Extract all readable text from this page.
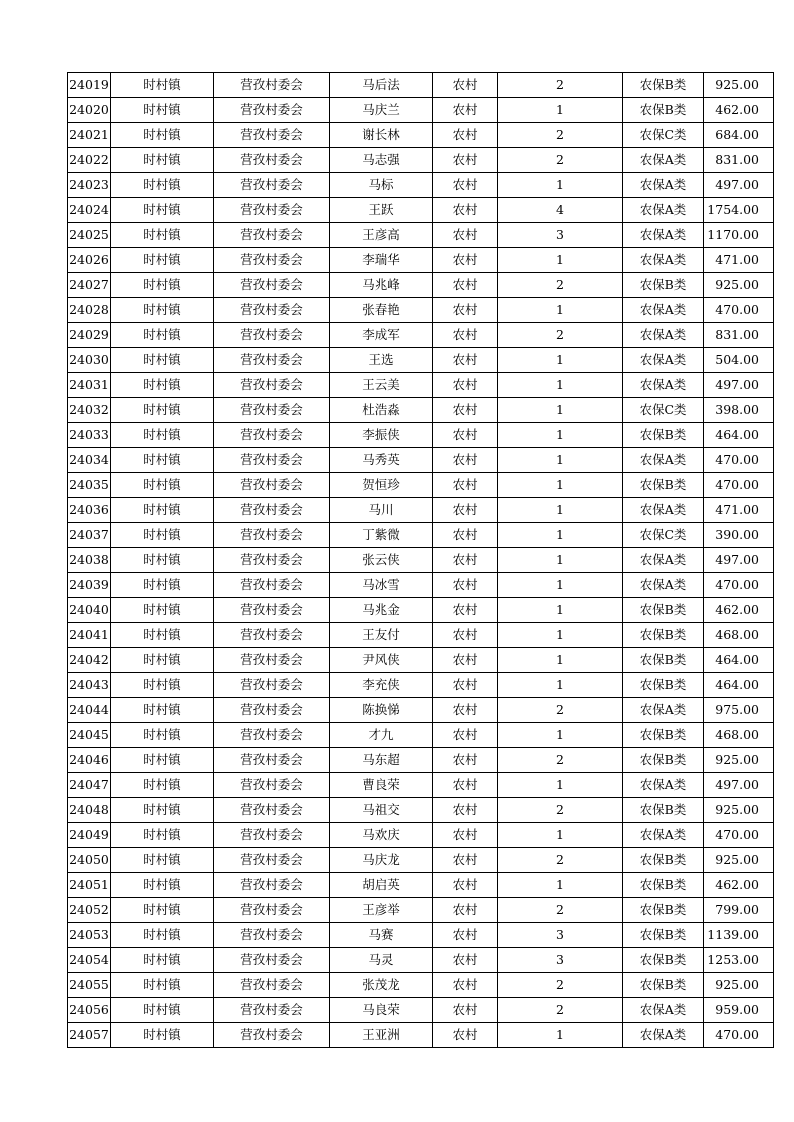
24019	时村镇	营孜村委会	马后法	农村	2	农保B类	925.00
24020	时村镇	营孜村委会	马庆兰	农村	1	农保B类	462.00
24021	时村镇	营孜村委会	谢长林	农村	2	农保C类	684.00
24022	时村镇	营孜村委会	马志强	农村	2	农保A类	831.00
24023	时村镇	营孜村委会	马标	农村	1	农保A类	497.00
24024	时村镇	营孜村委会	王跃	农村	4	农保A类	1754.00
24025	时村镇	营孜村委会	王彦高	农村	3	农保A类	1170.00
24026	时村镇	营孜村委会	李瑞华	农村	1	农保A类	471.00
24027	时村镇	营孜村委会	马兆峰	农村	2	农保B类	925.00
24028	时村镇	营孜村委会	张春艳	农村	1	农保A类	470.00
24029	时村镇	营孜村委会	李成军	农村	2	农保A类	831.00
24030	时村镇	营孜村委会	王选	农村	1	农保A类	504.00
24031	时村镇	营孜村委会	王云美	农村	1	农保A类	497.00
24032	时村镇	营孜村委会	杜浩淼	农村	1	农保C类	398.00
24033	时村镇	营孜村委会	李振侠	农村	1	农保B类	464.00
24034	时村镇	营孜村委会	马秀英	农村	1	农保A类	470.00
24035	时村镇	营孜村委会	贺恒珍	农村	1	农保B类	470.00
24036	时村镇	营孜村委会	马川	农村	1	农保A类	471.00
24037	时村镇	营孜村委会	丁紫微	农村	1	农保C类	390.00
24038	时村镇	营孜村委会	张云侠	农村	1	农保A类	497.00
24039	时村镇	营孜村委会	马冰雪	农村	1	农保A类	470.00
24040	时村镇	营孜村委会	马兆金	农村	1	农保B类	462.00
24041	时村镇	营孜村委会	王友付	农村	1	农保B类	468.00
24042	时村镇	营孜村委会	尹风侠	农村	1	农保B类	464.00
24043	时村镇	营孜村委会	李充侠	农村	1	农保B类	464.00
24044	时村镇	营孜村委会	陈换悌	农村	2	农保A类	975.00
24045	时村镇	营孜村委会	才九	农村	1	农保B类	468.00
24046	时村镇	营孜村委会	马东超	农村	2	农保B类	925.00
24047	时村镇	营孜村委会	曹良荣	农村	1	农保A类	497.00
24048	时村镇	营孜村委会	马祖交	农村	2	农保B类	925.00
24049	时村镇	营孜村委会	马欢庆	农村	1	农保A类	470.00
24050	时村镇	营孜村委会	马庆龙	农村	2	农保B类	925.00
24051	时村镇	营孜村委会	胡启英	农村	1	农保B类	462.00
24052	时村镇	营孜村委会	王彦举	农村	2	农保B类	799.00
24053	时村镇	营孜村委会	马赛	农村	3	农保B类	1139.00
24054	时村镇	营孜村委会	马灵	农村	3	农保B类	1253.00
24055	时村镇	营孜村委会	张茂龙	农村	2	农保B类	925.00
24056	时村镇	营孜村委会	马良荣	农村	2	农保A类	959.00
24057	时村镇	营孜村委会	王亚洲	农村	1	农保A类	470.00
